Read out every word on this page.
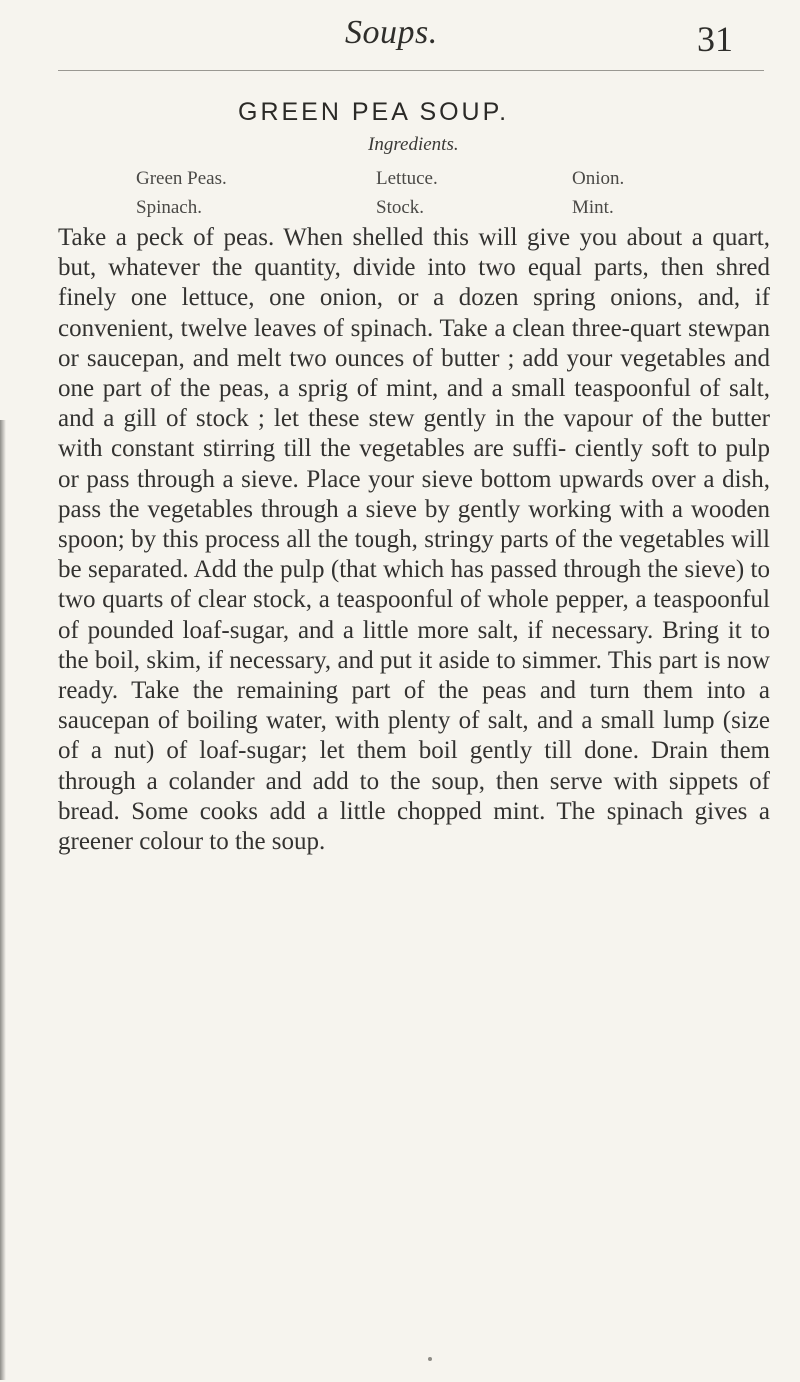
Soups.	31
GREEN PEA SOUP.
Ingredients.
Green Peas.	Lettuce.	Onion.
Spinach.	Stock.	Mint.

Take a peck of peas. When shelled this will give you about a quart, but, whatever the quantity, divide into two equal parts, then shred finely one lettuce, one onion, or a dozen spring onions, and, if convenient, twelve leaves of spinach. Take a clean three-quart stewpan or saucepan, and melt two ounces of butter ; add your vegetables and one part of the peas, a sprig of mint, and a small teaspoonful of salt, and a gill of stock ; let these stew gently in the vapour of the butter with constant stirring till the vegetables are suffi- ciently soft to pulp or pass through a sieve. Place your sieve bottom upwards over a dish, pass the vegetables through a sieve by gently working with a wooden spoon; by this process all the tough, stringy parts of the vegetables will be separated. Add the pulp (that which has passed through the sieve) to two quarts of clear stock, a teaspoonful of whole pepper, a teaspoonful of pounded loaf-sugar, and a little more salt, if necessary. Bring it to the boil, skim, if necessary, and put it aside to simmer. This part is now ready. Take the remaining part of the peas and turn them into a saucepan of boiling water, with plenty of salt, and a small lump (size of a nut) of loaf-sugar; let them boil gently till done. Drain them through a colander and add to the soup, then serve with sippets of bread. Some cooks add a little chopped mint. The spinach gives a greener colour to the soup.
